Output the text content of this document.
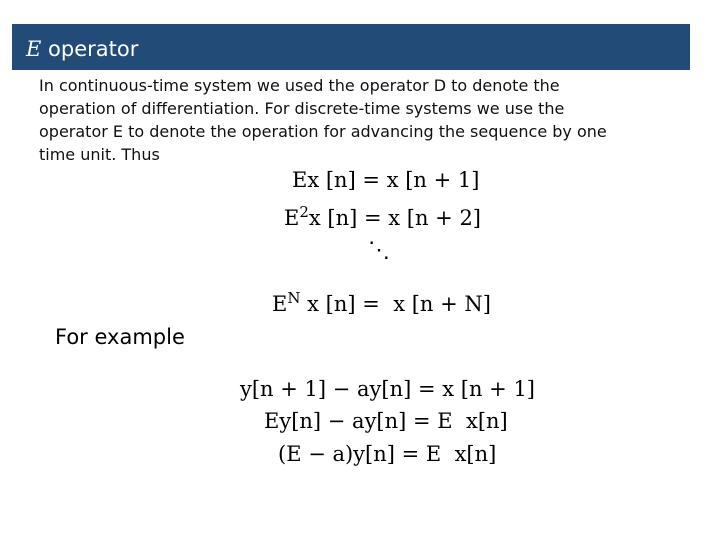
E operator
In continuous-time system we used the operator D to denote the
operation of differentiation. For discrete-time systems we use the
operator E to denote the operation for advancing the sequence by one
time unit. Thus
Ex [n] = x [n + 1]
$E^2x$ [n] = x [n + 2]
⋱
$E^N$ x [n] =  x [n + N]
For example
y[n + 1] − ay[n] = x [n + 1]
Ey[n] − ay[n] = E  x[n]
(E − a)y[n] = E  x[n]
